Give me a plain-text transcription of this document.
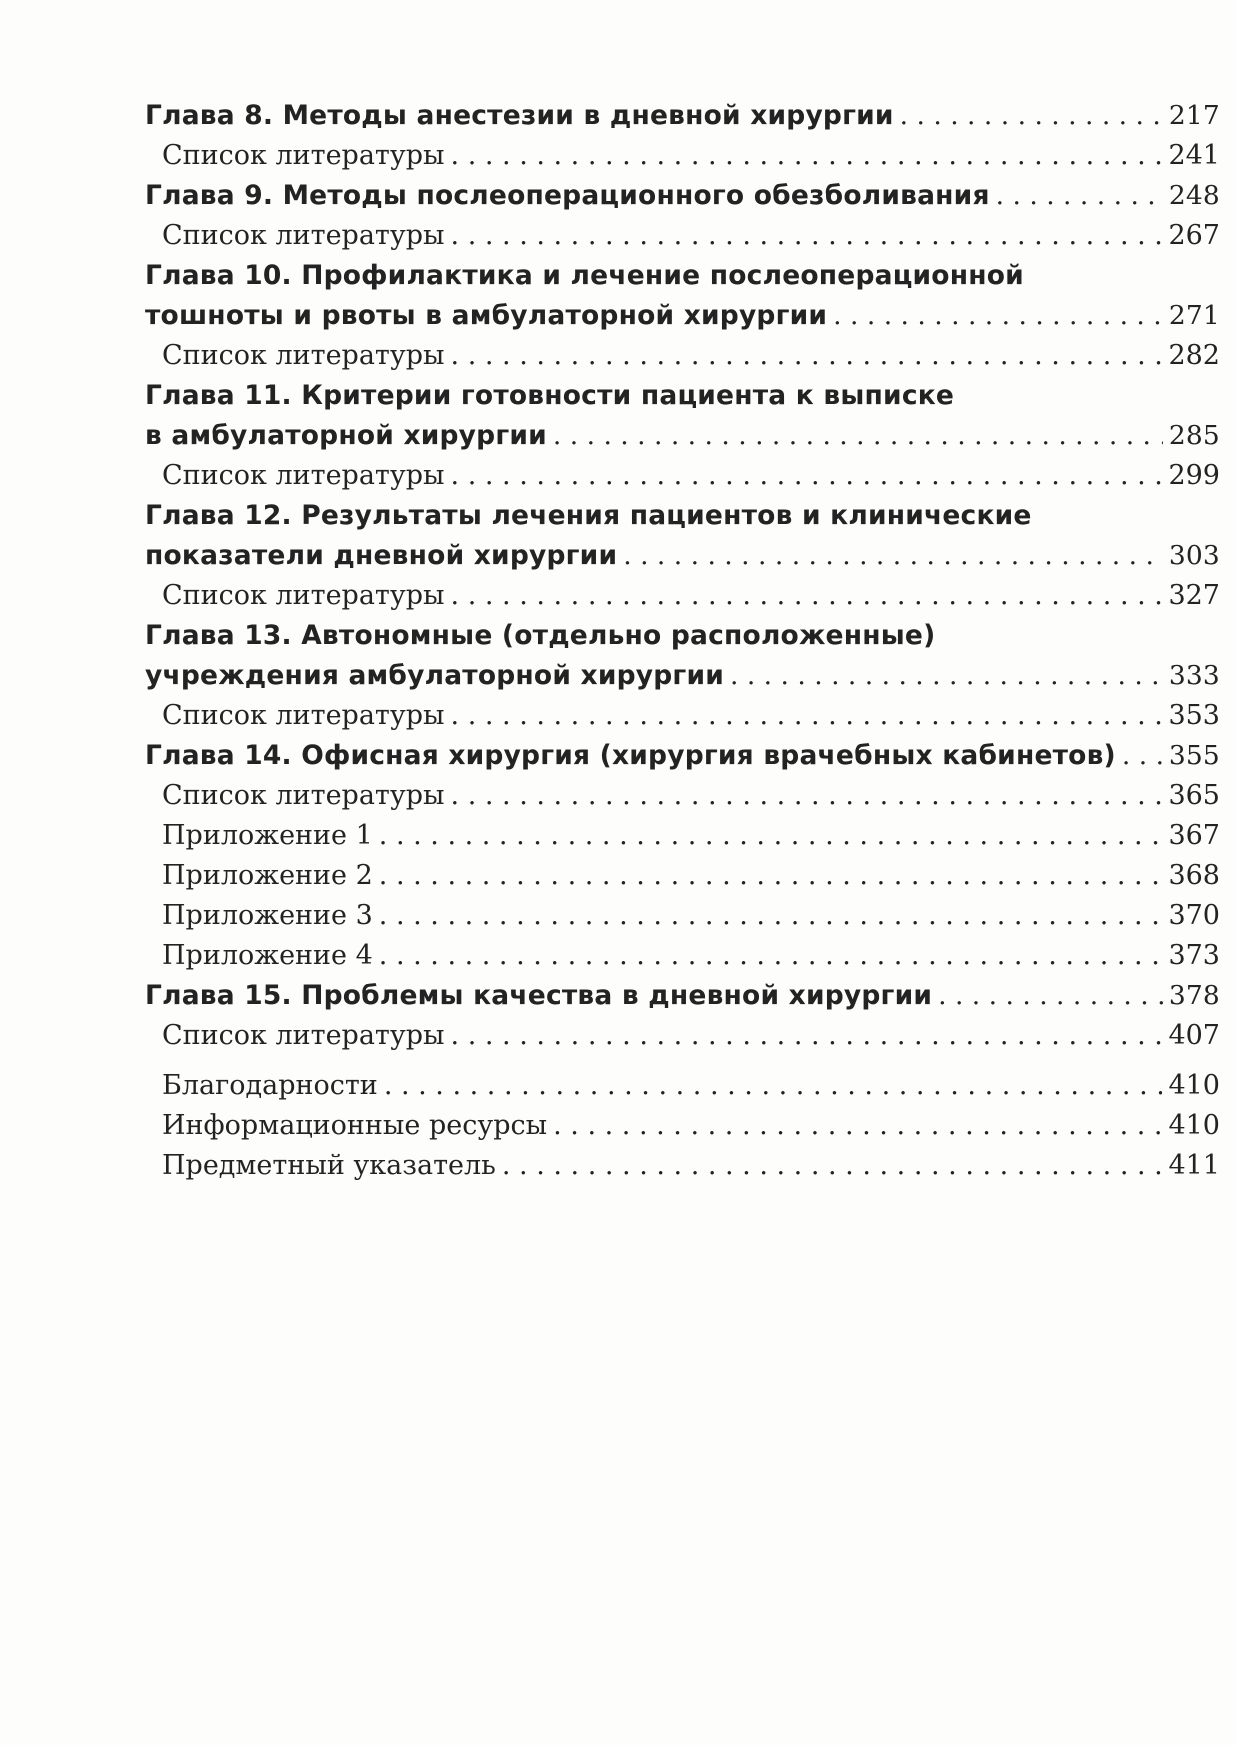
Глава 8. Методы анестезии в дневной хирургии . . .	217
Список литературы . . .	241
Глава 9. Методы послеоперационного обезболивания . . .	248
Список литературы . . .	267
Глава 10. Профилактика и лечение послеоперационной
тошноты и рвоты в амбулаторной хирургии . . .	271
Список литературы . . .	282
Глава 11. Критерии готовности пациента к выписке
в амбулаторной хирургии . . .	285
Список литературы . . .	299
Глава 12. Результаты лечения пациентов и клинические
показатели дневной хирургии . . .	303
Список литературы . . .	327
Глава 13. Автономные (отдельно расположенные)
учреждения амбулаторной хирургии . . .	333
Список литературы . . .	353
Глава 14. Офисная хирургия (хирургия врачебных кабинетов) . . . 355
Список литературы . . .	365
Приложение 1 . . .	367
Приложение 2 . . .	368
Приложение 3 . . .	370
Приложение 4 . . .	373
Глава 15. Проблемы качества в дневной хирургии . . .	378
Список литературы . . .	407
Благодарности . . .	410
Информационные ресурсы . . .	410
Предметный указатель . . .	411
